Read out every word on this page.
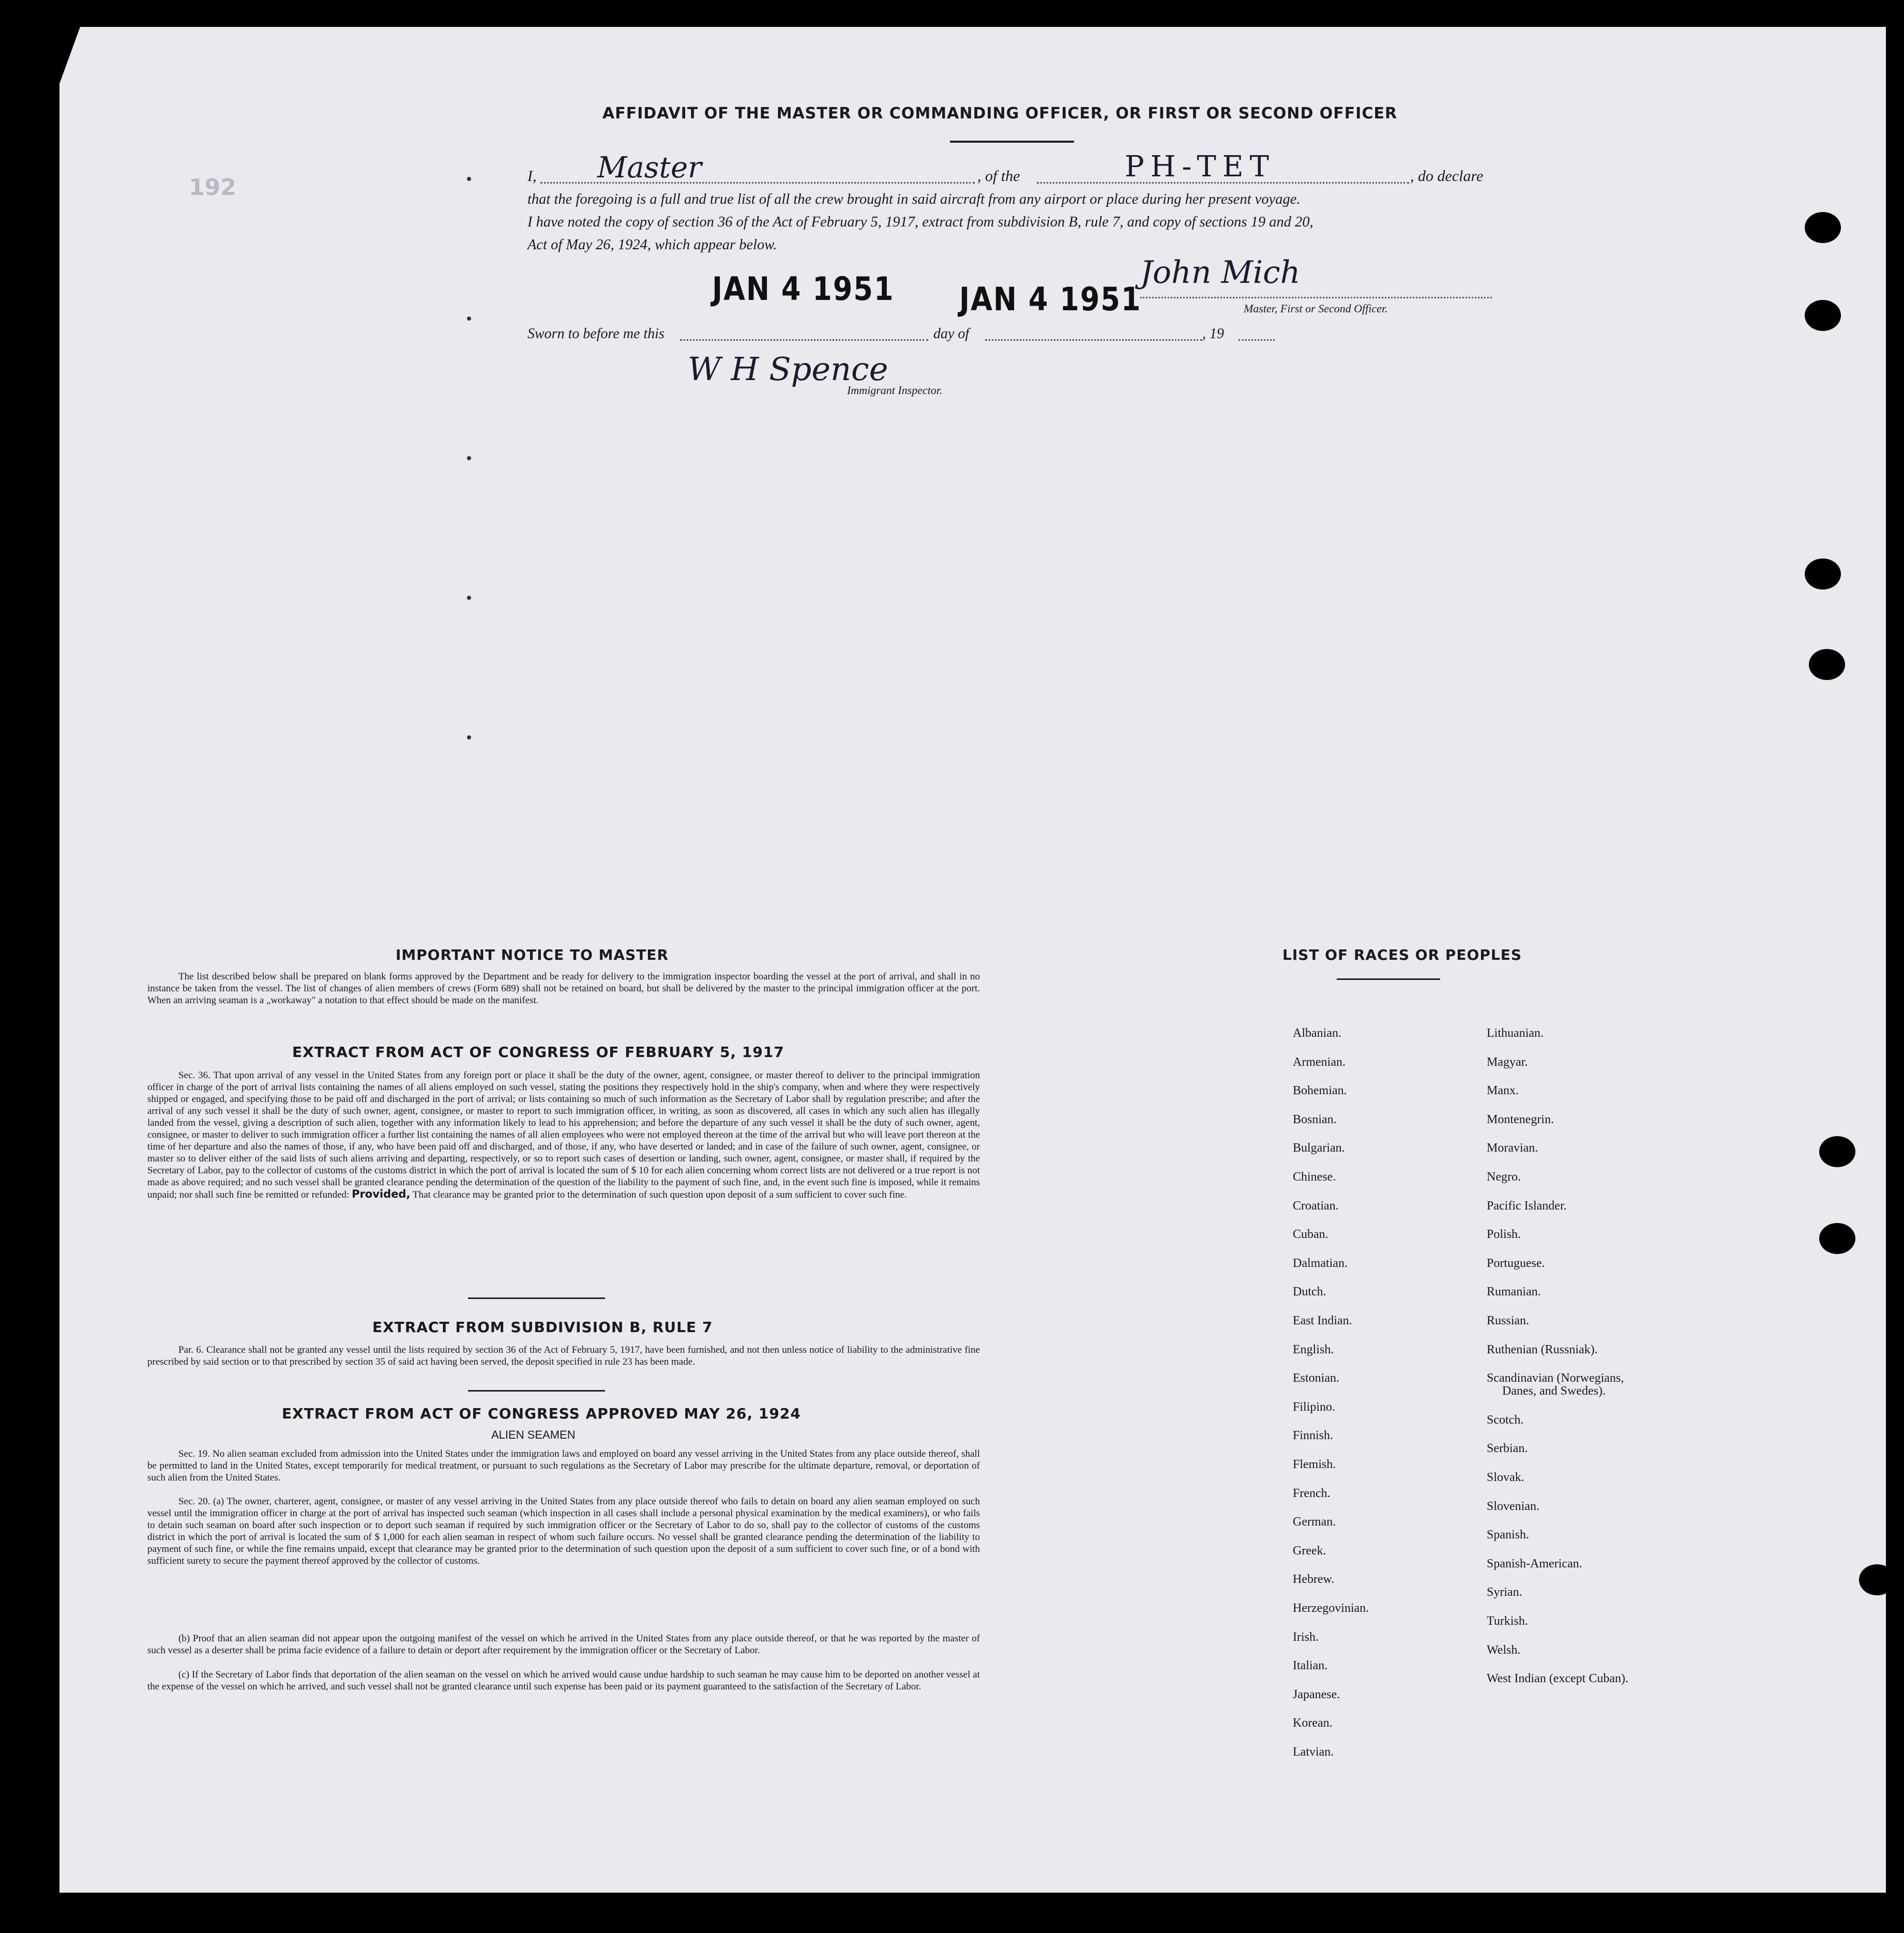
192
AFFIDAVIT OF THE MASTER OR COMMANDING OFFICER, OR FIRST OR SECOND OFFICER
I, Master	, of the	PH-TET	, do declare
that the foregoing is a full and true list of all the crew brought in said aircraft from any airport or place during her present voyage.
I have noted the copy of section 36 of the Act of February 5, 1917, extract from subdivision B, rule 7, and copy of sections 19 and 20,
Act of May 26, 1924, which appear below.
JAN 4 1951 JAN 4 1951
John Mich
Master, First or Second Officer.
Sworn to before me this	day of	, 19
W H Spence
Immigrant Inspector.
IMPORTANT NOTICE TO MASTER
The list described below shall be prepared on blank forms approved by the Department and be ready for delivery to the immigration inspector boarding the vessel at the port of arrival, and shall in no instance be taken from the vessel. The list of changes of alien members of crews (Form 689) shall not be retained on board, but shall be delivered by the master to the principal immigration officer at the port. When an arriving seaman is a „workaway" a notation to that effect should be made on the manifest.
EXTRACT FROM ACT OF CONGRESS OF FEBRUARY 5, 1917
Sec. 36. That upon arrival of any vessel in the United States from any foreign port or place it shall be the duty of the owner, agent, consignee, or master thereof to deliver to the principal immigration officer in charge of the port of arrival lists containing the names of all aliens employed on such vessel, stating the positions they respectively hold in the ship's company, when and where they were respectively shipped or engaged, and specifying those to be paid off and discharged in the port of arrival; or lists containing so much of such information as the Secretary of Labor shall by regulation prescribe; and after the arrival of any such vessel it shall be the duty of such owner, agent, consignee, or master to report to such immigration officer, in writing, as soon as discovered, all cases in which any such alien has illegally landed from the vessel, giving a description of such alien, together with any information likely to lead to his apprehension; and before the departure of any such vessel it shall be the duty of such owner, agent, consignee, or master to deliver to such immigration officer a further list containing the names of all alien employees who were not employed thereon at the time of the arrival but who will leave port thereon at the time of her departure and also the names of those, if any, who have been paid off and discharged, and of those, if any, who have deserted or landed; and in case of the failure of such owner, agent, consignee, or master so to deliver either of the said lists of such aliens arriving and departing, respectively, or so to report such cases of desertion or landing, such owner, agent, consignee, or master shall, if required by the Secretary of Labor, pay to the collector of customs of the customs district in which the port of arrival is located the sum of $ 10 for each alien concerning whom correct lists are not delivered or a true report is not made as above required; and no such vessel shall be granted clearance pending the determination of the question of the liability to the payment of such fine, and, in the event such fine is imposed, while it remains unpaid; nor shall such fine be remitted or refunded: Provided, That clearance may be granted prior to the determination of such question upon deposit of a sum sufficient to cover such fine.
EXTRACT FROM SUBDIVISION B, RULE 7
Par. 6. Clearance shall not be granted any vessel until the lists required by section 36 of the Act of February 5, 1917, have been furnished, and not then unless notice of liability to the administrative fine prescribed by said section or to that prescribed by section 35 of said act having been served, the deposit specified in rule 23 has been made.
EXTRACT FROM ACT OF CONGRESS APPROVED MAY 26, 1924
ALIEN SEAMEN
Sec. 19. No alien seaman excluded from admission into the United States under the immigration laws and employed on board any vessel arriving in the United States from any place outside thereof, shall be permitted to land in the United States, except temporarily for medical treatment, or pursuant to such regulations as the Secretary of Labor may prescribe for the ultimate departure, removal, or deportation of such alien from the United States.
Sec. 20. (a) The owner, charterer, agent, consignee, or master of any vessel arriving in the United States from any place outside thereof who fails to detain on board any alien seaman employed on such vessel until the immigration officer in charge at the port of arrival has inspected such seaman (which inspection in all cases shall include a personal physical examination by the medical examiners), or who fails to detain such seaman on board after such inspection or to deport such seaman if required by such immigration officer or the Secretary of Labor to do so, shall pay to the collector of customs of the customs district in which the port of arrival is located the sum of $ 1,000 for each alien seaman in respect of whom such failure occurs. No vessel shall be granted clearance pending the determination of the liability to payment of such fine, or while the fine remains unpaid, except that clearance may be granted prior to the determination of such question upon the deposit of a sum sufficient to cover such fine, or of a bond with sufficient surety to secure the payment thereof approved by the collector of customs.
(b) Proof that an alien seaman did not appear upon the outgoing manifest of the vessel on which he arrived in the United States from any place outside thereof, or that he was reported by the master of such vessel as a deserter shall be prima facie evidence of a failure to detain or deport after requirement by the immigration officer or the Secretary of Labor.
(c) If the Secretary of Labor finds that deportation of the alien seaman on the vessel on which he arrived would cause undue hardship to such seaman he may cause him to be deported on another vessel at the expense of the vessel on which he arrived, and such vessel shall not be granted clearance until such expense has been paid or its payment guaranteed to the satisfaction of the Secretary of Labor.
LIST OF RACES OR PEOPLES
Albanian.
Armenian.
Bohemian.
Bosnian.
Bulgarian.
Chinese.
Croatian.
Cuban.
Dalmatian.
Dutch.
East Indian.
English.
Estonian.
Filipino.
Finnish.
Flemish.
French.
German.
Greek.
Hebrew.
Herzegovinian.
Irish.
Italian.
Japanese.
Korean.
Latvian.
Lithuanian.
Magyar.
Manx.
Montenegrin.
Moravian.
Negro.
Pacific Islander.
Polish.
Portuguese.
Rumanian.
Russian.
Ruthenian (Russniak).
Scandinavian (Norwegians,
Danes, and Swedes).
Scotch.
Serbian.
Slovak.
Slovenian.
Spanish.
Spanish-American.
Syrian.
Turkish.
Welsh.
West Indian (except Cuban).
